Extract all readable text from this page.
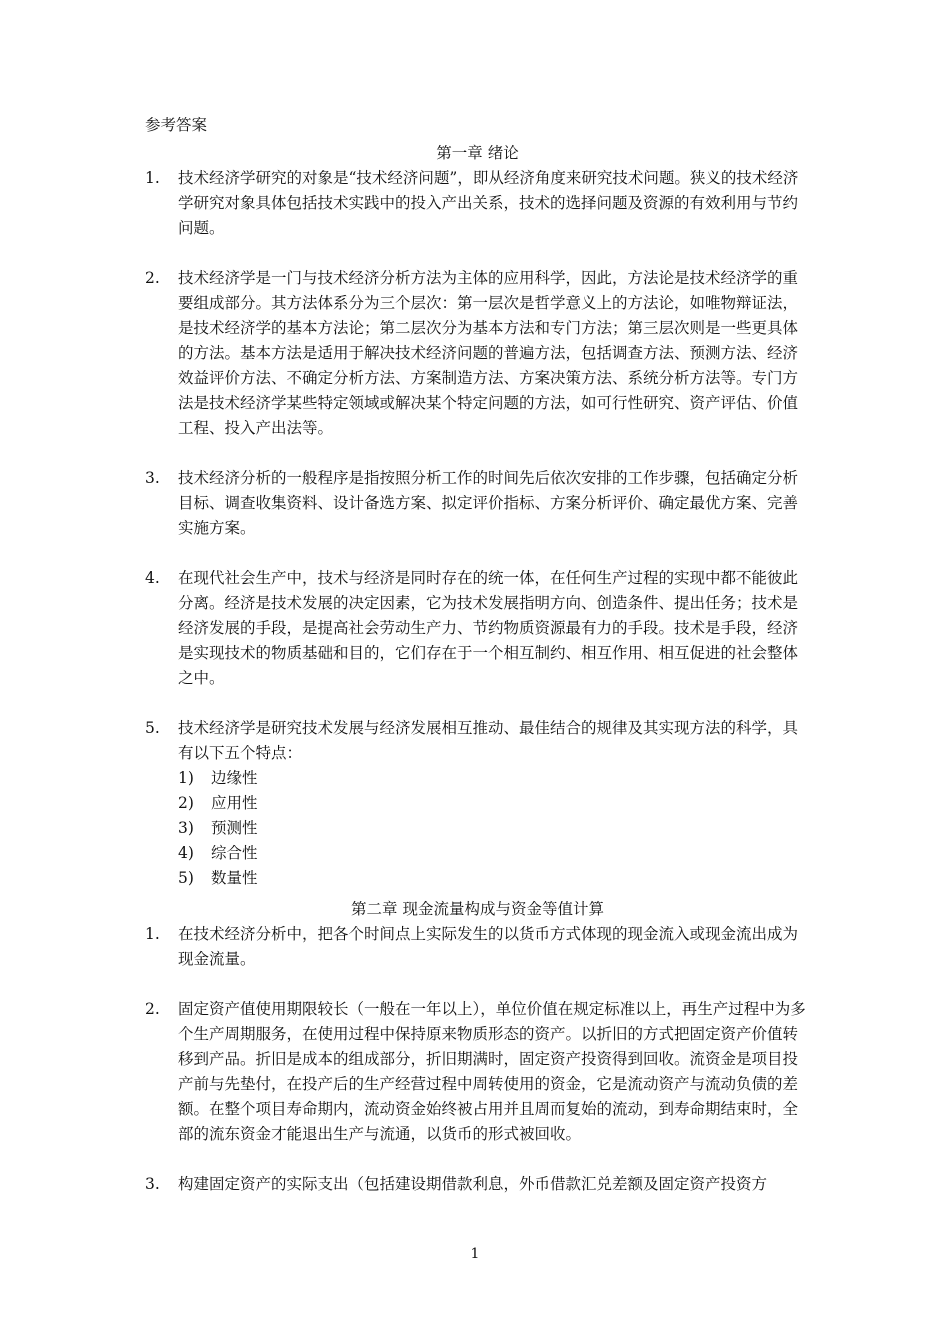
参考答案
第一章 绪论
1.	技术经济学研究的对象是“技术经济问题”，即从经济角度来研究技术问题。狭义的技术经济学研究对象具体包括技术实践中的投入产出关系，技术的选择问题及资源的有效利用与节约问题。
2.	技术经济学是一门与技术经济分析方法为主体的应用科学，因此，方法论是技术经济学的重要组成部分。其方法体系分为三个层次：第一层次是哲学意义上的方法论，如唯物辩证法，是技术经济学的基本方法论；第二层次分为基本方法和专门方法；第三层次则是一些更具体的方法。基本方法是适用于解决技术经济问题的普遍方法，包括调查方法、预测方法、经济效益评价方法、不确定分析方法、方案制造方法、方案决策方法、系统分析方法等。专门方法是技术经济学某些特定领域或解决某个特定问题的方法，如可行性研究、资产评估、价值工程、投入产出法等。
3.	技术经济分析的一般程序是指按照分析工作的时间先后依次安排的工作步骤，包括确定分析目标、调查收集资料、设计备选方案、拟定评价指标、方案分析评价、确定最优方案、完善实施方案。
4.	在现代社会生产中，技术与经济是同时存在的统一体，在任何生产过程的实现中都不能彼此分离。经济是技术发展的决定因素，它为技术发展指明方向、创造条件、提出任务；技术是经济发展的手段，是提高社会劳动生产力、节约物质资源最有力的手段。技术是手段，经济是实现技术的物质基础和目的，它们存在于一个相互制约、相互作用、相互促进的社会整体之中。
5.	技术经济学是研究技术发展与经济发展相互推动、最佳结合的规律及其实现方法的科学，具有以下五个特点：
1)	边缘性
2)	应用性
3)	预测性
4)	综合性
5)	数量性
第二章 现金流量构成与资金等值计算
1.	在技术经济分析中，把各个时间点上实际发生的以货币方式体现的现金流入或现金流出成为现金流量。
2.	固定资产值使用期限较长（一般在一年以上），单位价值在规定标准以上，再生产过程中为多个生产周期服务，在使用过程中保持原来物质形态的资产。以折旧的方式把固定资产价值转移到产品。折旧是成本的组成部分，折旧期满时，固定资产投资得到回收。流资金是项目投产前与先垫付，在投产后的生产经营过程中周转使用的资金，它是流动资产与流动负债的差额。在整个项目寿命期内，流动资金始终被占用并且周而复始的流动，到寿命期结束时，全部的流东资金才能退出生产与流通，以货币的形式被回收。
3.	构建固定资产的实际支出（包括建设期借款利息，外币借款汇兑差额及固定资产投资方
1
